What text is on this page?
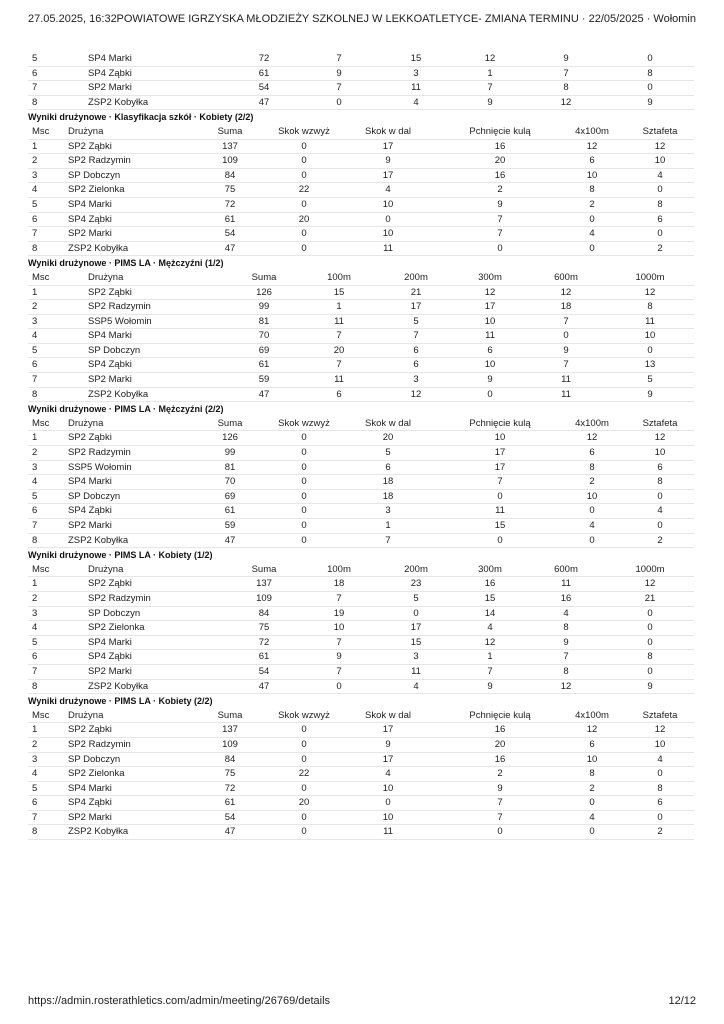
27.05.2025, 16:32 POWIATOWE IGRZYSKA MŁODZIEŻY SZKOLNEJ W LEKKOATLETYCE- ZMIANA TERMINU · 22/05/2025 · Wołomin
5	SP4 Marki	72	7	15	12	9	0
6	SP4 Ząbki	61	9	3	1	7	8
7	SP2 Marki	54	7	11	7	8	0
8	ZSP2 Kobyłka	47	0	4	9	12	9
Wyniki drużynowe · Klasyfikacja szkół · Kobiety (2/2)
Msc Drużyna	Suma	Skok wzwyż	Skok w dal	Pchnięcie kulą	4x100m	Sztafeta
1	SP2 Ząbki	137	0	17	16	12	12
2	SP2 Radzymin	109	0	9	20	6	10
3	SP Dobczyn	84	0	17	16	10	4
4	SP2 Zielonka	75	22	4	2	8	0
5	SP4 Marki	72	0	10	9	2	8
6	SP4 Ząbki	61	20	0	7	0	6
7	SP2 Marki	54	0	10	7	4	0
8	ZSP2 Kobyłka	47	0	11	0	0	2
Wyniki drużynowe · PIMS LA · Mężczyźni (1/2)
Msc	Drużyna	Suma	100m	200m	300m	600m	1000m
1	SP2 Ząbki	126	15	21	12	12	12
2	SP2 Radzymin	99	1	17	17	18	8
3	SSP5 Wołomin	81	11	5	10	7	11
4	SP4 Marki	70	7	7	11	0	10
5	SP Dobczyn	69	20	6	6	9	0
6	SP4 Ząbki	61	7	6	10	7	13
7	SP2 Marki	59	11	3	9	11	5
8	ZSP2 Kobyłka	47	6	12	0	11	9
Wyniki drużynowe · PIMS LA · Mężczyźni (2/2)
Msc Drużyna	Suma	Skok wzwyż	Skok w dal	Pchnięcie kulą	4x100m	Sztafeta
1	SP2 Ząbki	126	0	20	10	12	12
2	SP2 Radzymin	99	0	5	17	6	10
3	SSP5 Wołomin	81	0	6	17	8	6
4	SP4 Marki	70	0	18	7	2	8
5	SP Dobczyn	69	0	18	0	10	0
6	SP4 Ząbki	61	0	3	11	0	4
7	SP2 Marki	59	0	1	15	4	0
8	ZSP2 Kobyłka	47	0	7	0	0	2
Wyniki drużynowe · PIMS LA · Kobiety (1/2)
Msc	Drużyna	Suma	100m	200m	300m	600m	1000m
1	SP2 Ząbki	137	18	23	16	11	12
2	SP2 Radzymin	109	7	5	15	16	21
3	SP Dobczyn	84	19	0	14	4	0
4	SP2 Zielonka	75	10	17	4	8	0
5	SP4 Marki	72	7	15	12	9	0
6	SP4 Ząbki	61	9	3	1	7	8
7	SP2 Marki	54	7	11	7	8	0
8	ZSP2 Kobyłka	47	0	4	9	12	9
Wyniki drużynowe · PIMS LA · Kobiety (2/2)
Msc Drużyna	Suma	Skok wzwyż	Skok w dal	Pchnięcie kulą	4x100m	Sztafeta
1	SP2 Ząbki	137	0	17	16	12	12
2	SP2 Radzymin	109	0	9	20	6	10
3	SP Dobczyn	84	0	17	16	10	4
4	SP2 Zielonka	75	22	4	2	8	0
5	SP4 Marki	72	0	10	9	2	8
6	SP4 Ząbki	61	20	0	7	0	6
7	SP2 Marki	54	0	10	7	4	0
8	ZSP2 Kobyłka	47	0	11	0	0	2
https://admin.rosterathletics.com/admin/meeting/26769/details	12/12
